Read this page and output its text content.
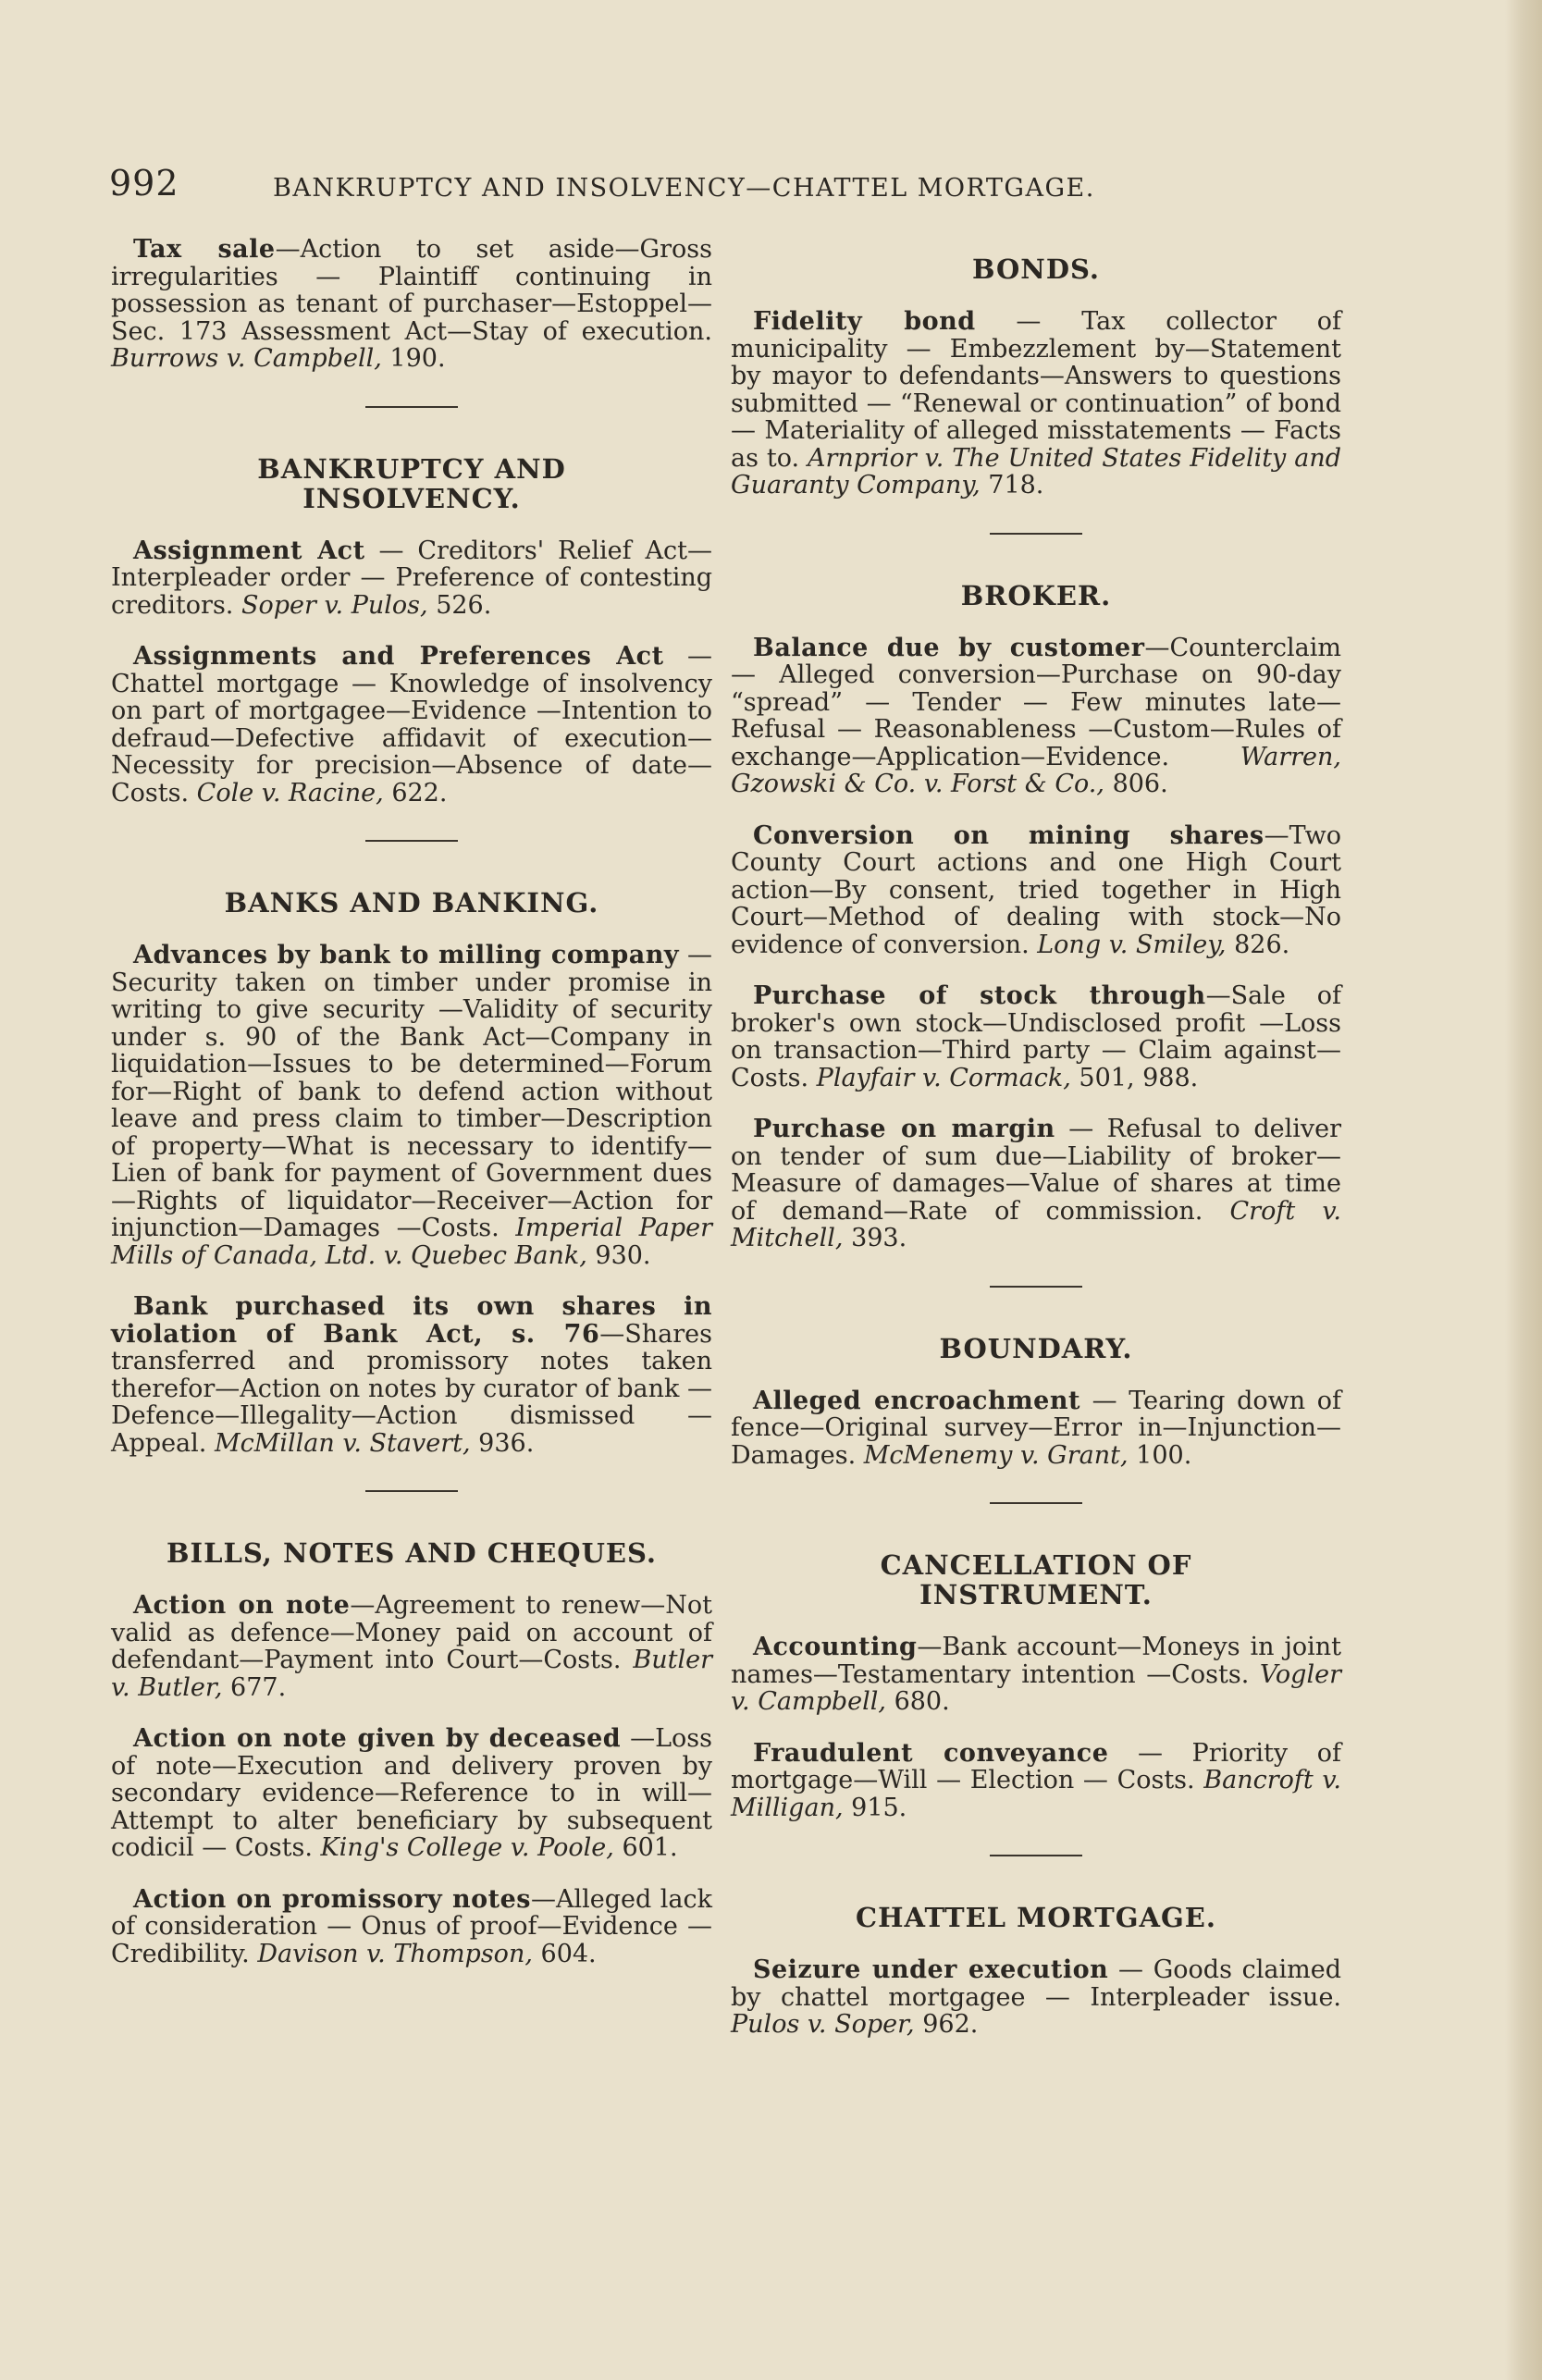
992	BANKRUPTCY AND INSOLVENCY—CHATTEL MORTGAGE.

Tax sale—Action to set aside—Gross irregularities — Plaintiff continuing in possession as tenant of purchaser—Estoppel—Sec. 173 Assessment Act—Stay of execution. Burrows v. Campbell, 190.

BANKRUPTCY AND INSOLVENCY.

Assignment Act — Creditors' Relief Act—Interpleader order — Preference of contesting creditors. Soper v. Pulos, 526.

Assignments and Preferences Act —Chattel mortgage — Knowledge of insolvency on part of mortgagee—Evidence —Intention to defraud—Defective affidavit of execution—Necessity for precision—Absence of date—Costs. Cole v. Racine, 622.

BANKS AND BANKING.

Advances by bank to milling company — Security taken on timber under promise in writing to give security —Validity of security under s. 90 of the Bank Act—Company in liquidation—Issues to be determined—Forum for—Right of bank to defend action without leave and press claim to timber—Description of property—What is necessary to identify—Lien of bank for payment of Government dues—Rights of liquidator—Receiver—Action for injunction—Damages —Costs. Imperial Paper Mills of Canada, Ltd. v. Quebec Bank, 930.

Bank purchased its own shares in violation of Bank Act, s. 76—Shares transferred and promissory notes taken therefor—Action on notes by curator of bank — Defence—Illegality—Action dismissed — Appeal. McMillan v. Stavert, 936.

BILLS, NOTES AND CHEQUES.

Action on note—Agreement to renew—Not valid as defence—Money paid on account of defendant—Payment into Court—Costs. Butler v. Butler, 677.

Action on note given by deceased —Loss of note—Execution and delivery proven by secondary evidence—Reference to in will—Attempt to alter beneficiary by subsequent codicil — Costs. King's College v. Poole, 601.

Action on promissory notes—Alleged lack of consideration — Onus of proof—Evidence — Credibility. Davison v. Thompson, 604.

BONDS.

Fidelity bond — Tax collector of municipality — Embezzlement by—Statement by mayor to defendants—Answers to questions submitted — “Renewal or continuation” of bond — Materiality of alleged misstatements — Facts as to. Arnprior v. The United States Fidelity and Guaranty Company, 718.

BROKER.

Balance due by customer—Counterclaim — Alleged conversion—Purchase on 90-day “spread” — Tender — Few minutes late—Refusal — Reasonableness —Custom—Rules of exchange—Application—Evidence.	Warren, Gzowski & Co. v. Forst & Co., 806.

Conversion on mining shares—Two County Court actions and one High Court action—By consent, tried together in High Court—Method of dealing with stock—No evidence of conversion. Long v. Smiley, 826.

Purchase of stock through—Sale of broker's own stock—Undisclosed profit —Loss on transaction—Third party — Claim against—Costs. Playfair v. Cormack, 501, 988.

Purchase on margin — Refusal to deliver on tender of sum due—Liability of broker—Measure of damages—Value of shares at time of demand—Rate of commission. Croft v. Mitchell, 393.

BOUNDARY.

Alleged encroachment — Tearing down of fence—Original survey—Error in—Injunction—Damages. McMenemy v. Grant, 100.

CANCELLATION OF INSTRUMENT.

Accounting—Bank account—Moneys in joint names—Testamentary intention —Costs. Vogler v. Campbell, 680.

Fraudulent conveyance — Priority of mortgage—Will — Election — Costs. Bancroft v. Milligan, 915.

CHATTEL MORTGAGE.

Seizure under execution — Goods claimed by chattel mortgagee — Interpleader issue. Pulos v. Soper, 962.
